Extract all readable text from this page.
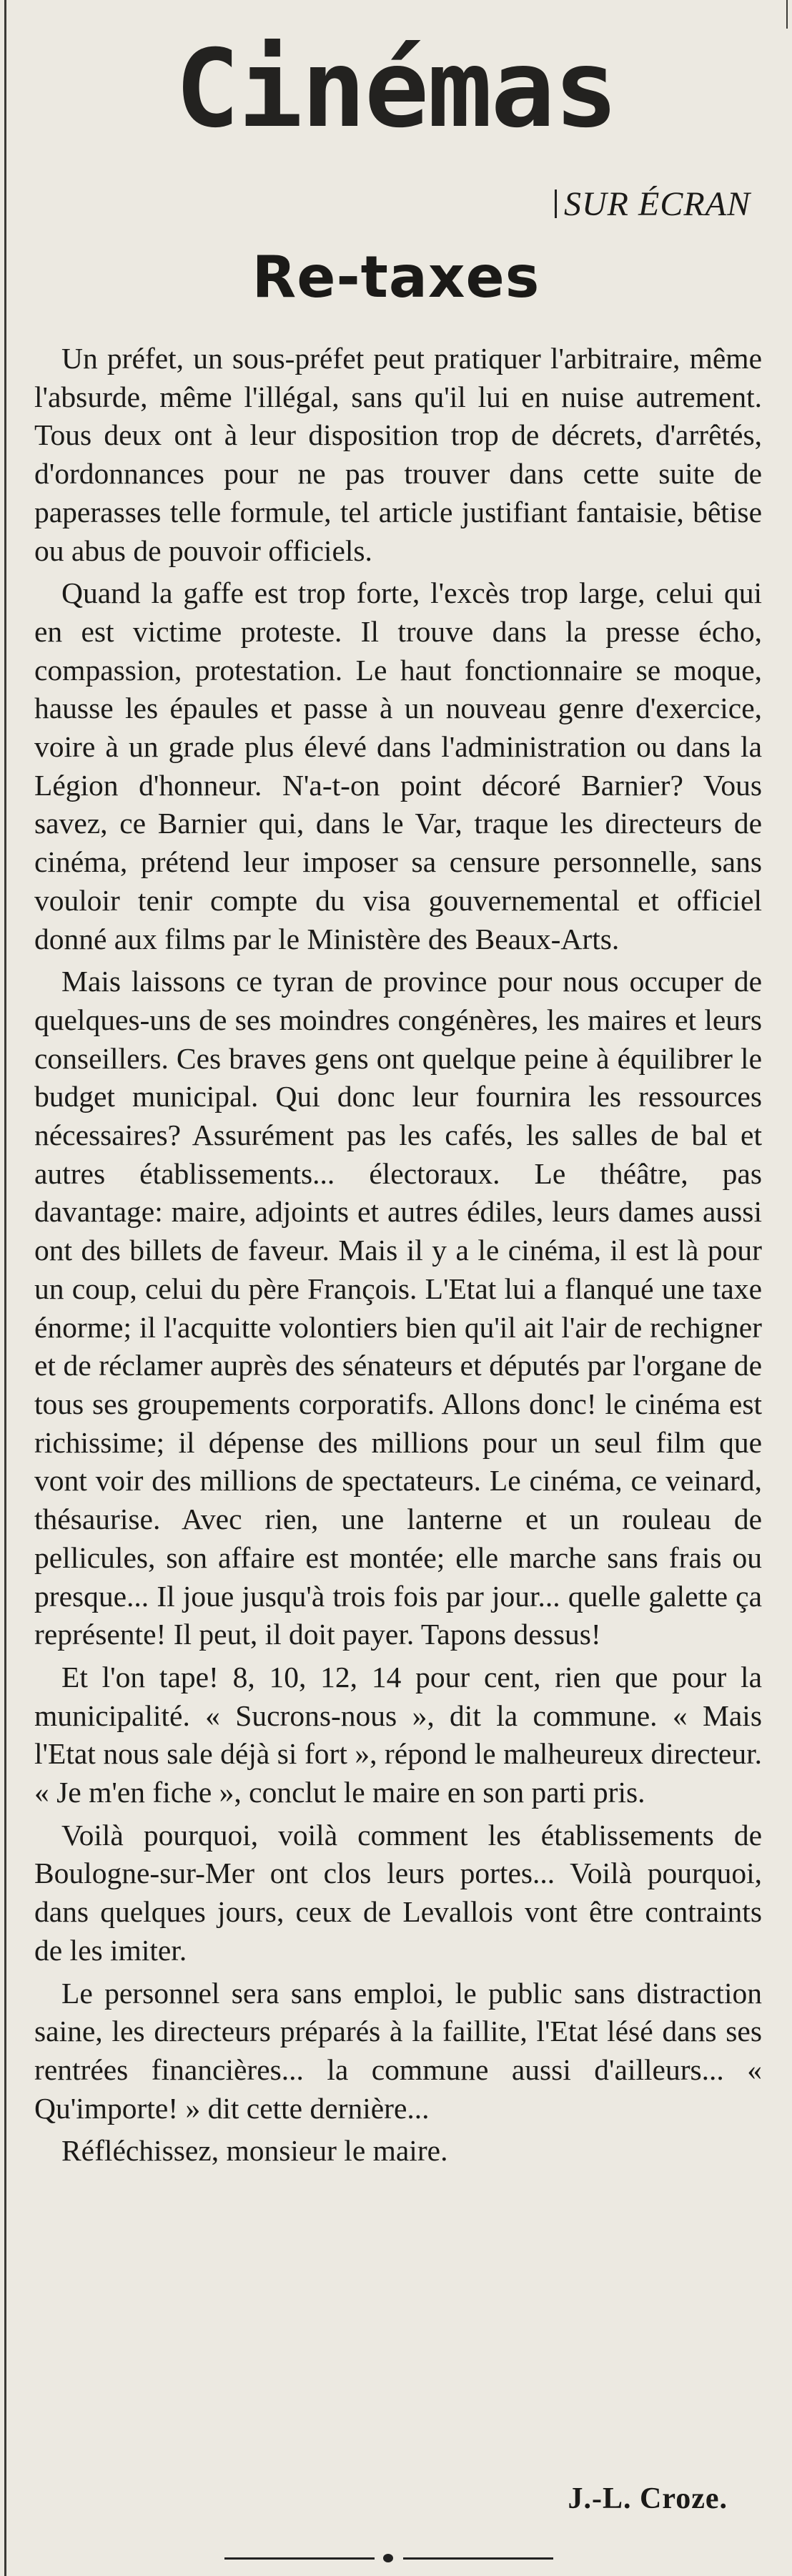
Cinémas
SUR ÉCRAN
Re-taxes

Un préfet, un sous-préfet peut pratiquer l'arbitraire, même l'absurde, même l'illégal, sans qu'il lui en nuise autrement. Tous deux ont à leur disposition trop de décrets, d'arrêtés, d'ordonnances pour ne pas trouver dans cette suite de paperasses telle formule, tel article justifiant fantaisie, bêtise ou abus de pouvoir officiels.

Quand la gaffe est trop forte, l'excès trop large, celui qui en est victime proteste. Il trouve dans la presse écho, compassion, protestation. Le haut fonctionnaire se moque, hausse les épaules et passe à un nouveau genre d'exercice, voire à un grade plus élevé dans l'administration ou dans la Légion d'honneur. N'a-t-on point décoré Barnier? Vous savez, ce Barnier qui, dans le Var, traque les directeurs de cinéma, prétend leur imposer sa censure personnelle, sans vouloir tenir compte du visa gouvernemental et officiel donné aux films par le Ministère des Beaux-Arts.

Mais laissons ce tyran de province pour nous occuper de quelques-uns de ses moindres congénères, les maires et leurs conseillers. Ces braves gens ont quelque peine à équilibrer le budget municipal. Qui donc leur fournira les ressources nécessaires? Assurément pas les cafés, les salles de bal et autres établissements... électoraux. Le théâtre, pas davantage: maire, adjoints et autres édiles, leurs dames aussi ont des billets de faveur. Mais il y a le cinéma, il est là pour un coup, celui du père François. L'Etat lui a flanqué une taxe énorme; il l'acquitte volontiers bien qu'il ait l'air de rechigner et de réclamer auprès des sénateurs et députés par l'organe de tous ses groupements corporatifs. Allons donc! le cinéma est richissime; il dépense des millions pour un seul film que vont voir des millions de spectateurs. Le cinéma, ce veinard, thésaurise. Avec rien, une lanterne et un rouleau de pellicules, son affaire est montée; elle marche sans frais ou presque... Il joue jusqu'à trois fois par jour... quelle galette ça représente! Il peut, il doit payer. Tapons dessus!

Et l'on tape! 8, 10, 12, 14 pour cent, rien que pour la municipalité. « Sucrons-nous », dit la commune. « Mais l'Etat nous sale déjà si fort », répond le malheureux directeur. « Je m'en fiche », conclut le maire en son parti pris.

Voilà pourquoi, voilà comment les établissements de Boulogne-sur-Mer ont clos leurs portes... Voilà pourquoi, dans quelques jours, ceux de Levallois vont être contraints de les imiter.

Le personnel sera sans emploi, le public sans distraction saine, les directeurs préparés à la faillite, l'Etat lésé dans ses rentrées financières... la commune aussi d'ailleurs... « Qu'importe! » dit cette dernière...

Réfléchissez, monsieur le maire.

J.-L. Croze.
